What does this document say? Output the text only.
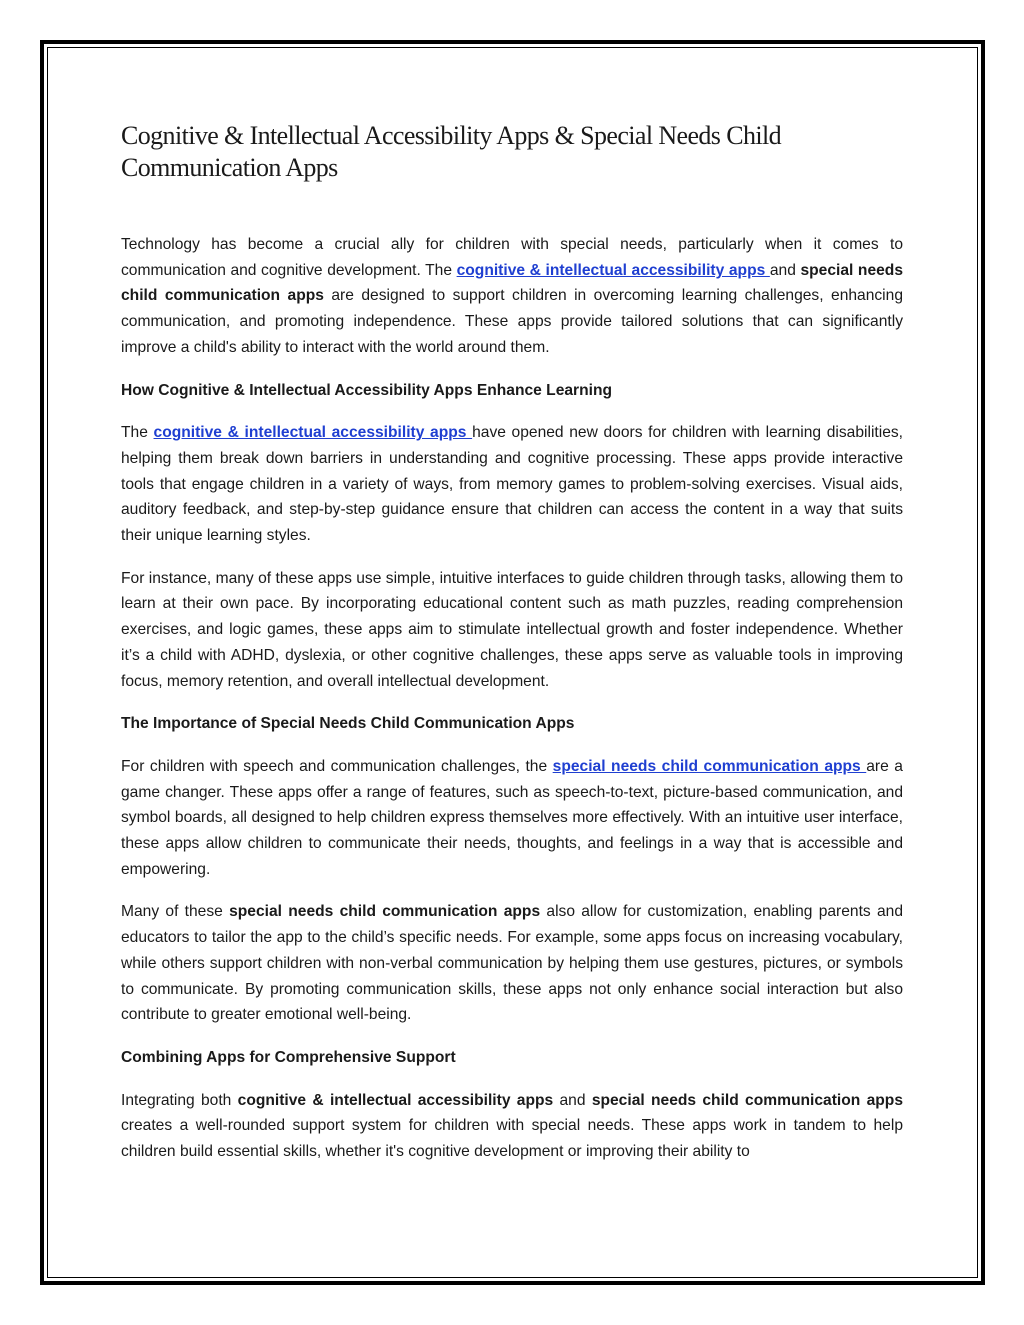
Cognitive & Intellectual Accessibility Apps & Special Needs Child Communication Apps

Technology has become a crucial ally for children with special needs, particularly when it comes to communication and cognitive development. The cognitive & intellectual accessibility apps and special needs child communication apps are designed to support children in overcoming learning challenges, enhancing communication, and promoting independence. These apps provide tailored solutions that can significantly improve a child's ability to interact with the world around them.

How Cognitive & Intellectual Accessibility Apps Enhance Learning

The cognitive & intellectual accessibility apps have opened new doors for children with learning disabilities, helping them break down barriers in understanding and cognitive processing. These apps provide interactive tools that engage children in a variety of ways, from memory games to problem-solving exercises. Visual aids, auditory feedback, and step-by-step guidance ensure that children can access the content in a way that suits their unique learning styles.

For instance, many of these apps use simple, intuitive interfaces to guide children through tasks, allowing them to learn at their own pace. By incorporating educational content such as math puzzles, reading comprehension exercises, and logic games, these apps aim to stimulate intellectual growth and foster independence. Whether it’s a child with ADHD, dyslexia, or other cognitive challenges, these apps serve as valuable tools in improving focus, memory retention, and overall intellectual development.

The Importance of Special Needs Child Communication Apps

For children with speech and communication challenges, the special needs child communication apps are a game changer. These apps offer a range of features, such as speech-to-text, picture-based communication, and symbol boards, all designed to help children express themselves more effectively. With an intuitive user interface, these apps allow children to communicate their needs, thoughts, and feelings in a way that is accessible and empowering.

Many of these special needs child communication apps also allow for customization, enabling parents and educators to tailor the app to the child’s specific needs. For example, some apps focus on increasing vocabulary, while others support children with non-verbal communication by helping them use gestures, pictures, or symbols to communicate. By promoting communication skills, these apps not only enhance social interaction but also contribute to greater emotional well-being.

Combining Apps for Comprehensive Support

Integrating both cognitive & intellectual accessibility apps and special needs child communication apps creates a well-rounded support system for children with special needs. These apps work in tandem to help children build essential skills, whether it's cognitive development or improving their ability to
